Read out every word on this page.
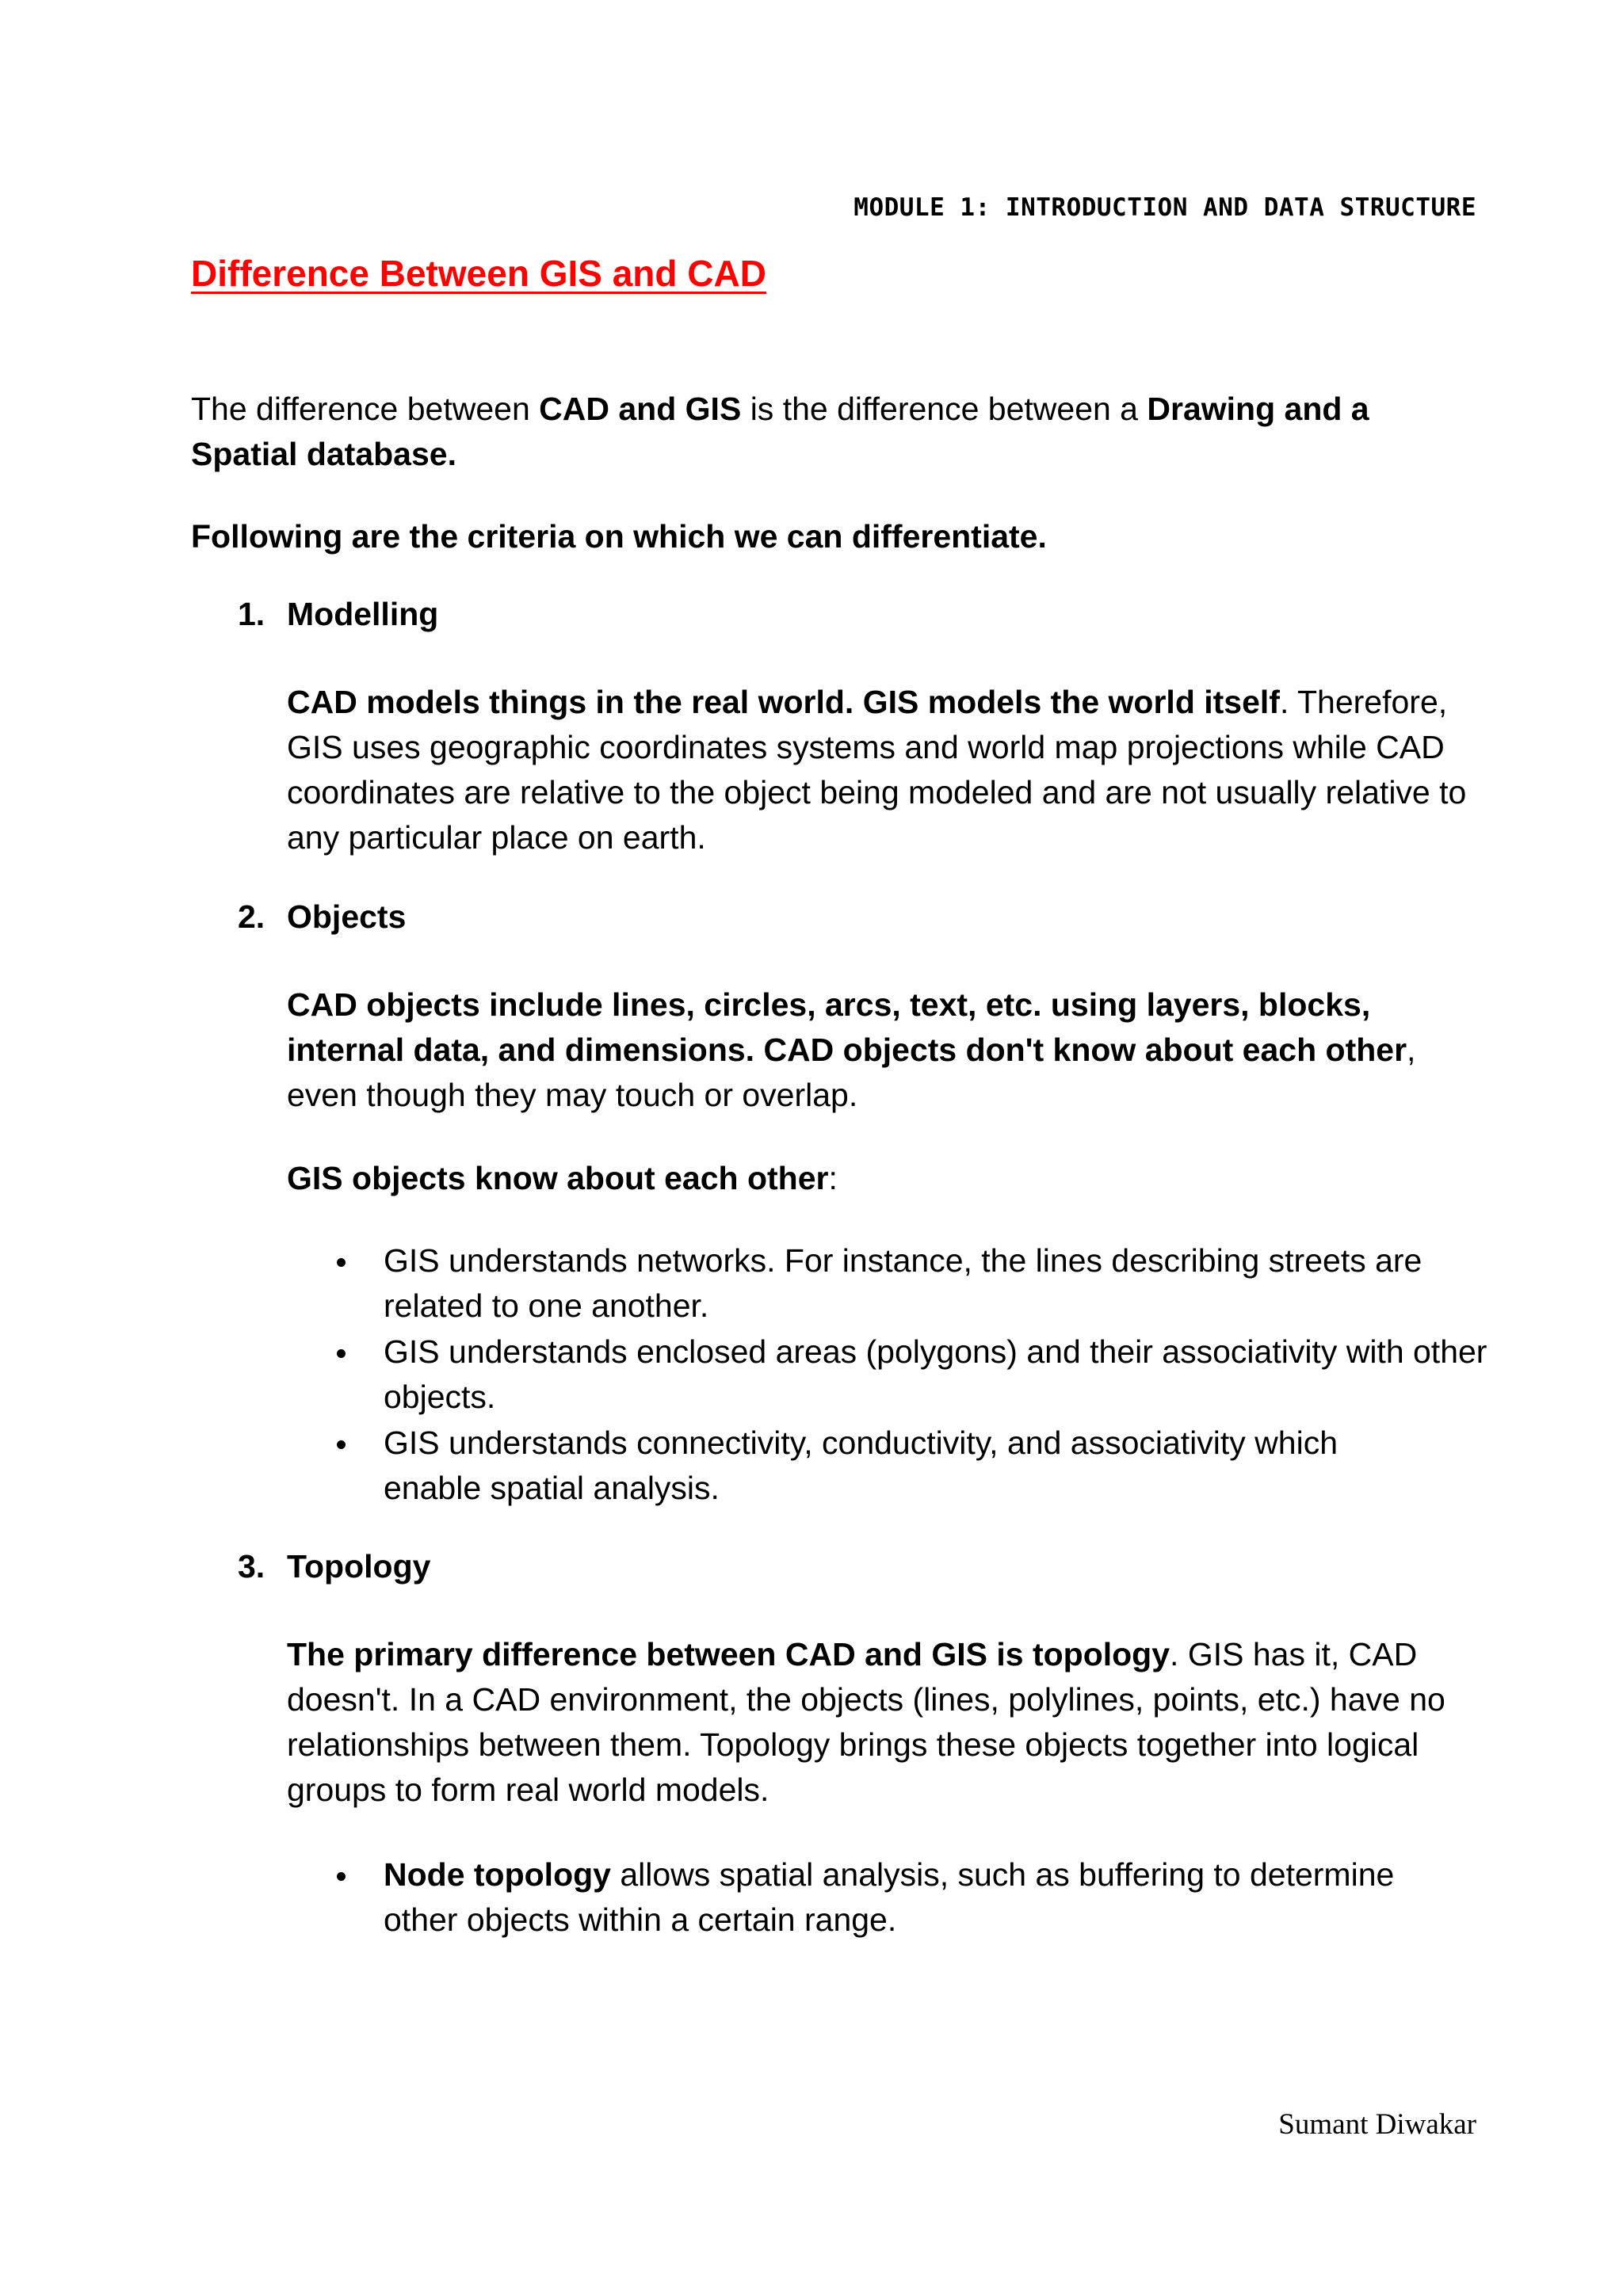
MODULE 1: INTRODUCTION AND DATA STRUCTURE
Difference Between GIS and CAD

The difference between CAD and GIS is the difference between a Drawing and a Spatial database.

Following are the criteria on which we can differentiate.

1. Modelling

CAD models things in the real world. GIS models the world itself. Therefore, GIS uses geographic coordinates systems and world map projections while CAD coordinates are relative to the object being modeled and are not usually relative to any particular place on earth.

2. Objects

CAD objects include lines, circles, arcs, text, etc. using layers, blocks, internal data, and dimensions. CAD objects don't know about each other, even though they may touch or overlap.

GIS objects know about each other:

GIS understands networks. For instance, the lines describing streets are related to one another.

GIS understands enclosed areas (polygons) and their associativity with other objects.

GIS understands connectivity, conductivity, and associativity which enable spatial analysis.

3. Topology

The primary difference between CAD and GIS is topology. GIS has it, CAD doesn't. In a CAD environment, the objects (lines, polylines, points, etc.) have no relationships between them. Topology brings these objects together into logical groups to form real world models.

Node topology allows spatial analysis, such as buffering to determine other objects within a certain range.

Sumant Diwakar
